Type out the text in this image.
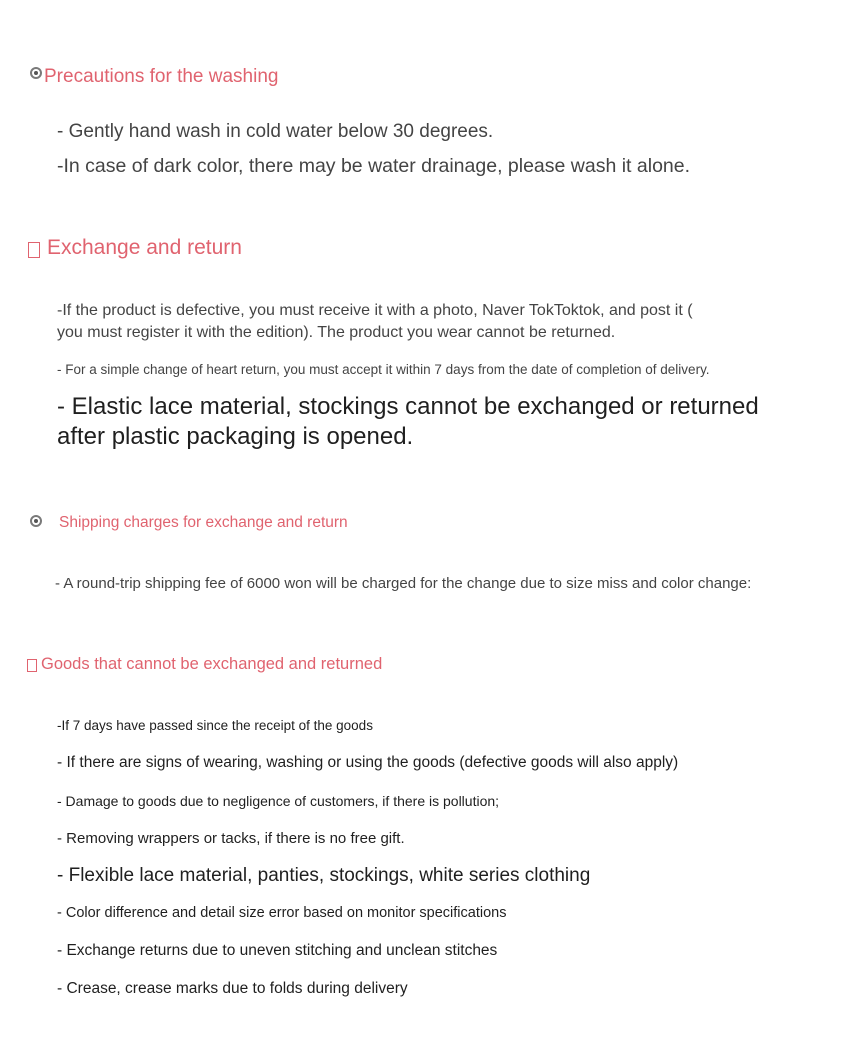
Precautions for the washing
- Gently hand wash in cold water below 30 degrees.
-In case of dark color, there may be water drainage, please wash it alone.
Exchange and return
-If the product is defective, you must receive it with a photo, Naver TokToktok, and post it (
you must register it with the edition). The product you wear cannot be returned.
- For a simple change of heart return, you must accept it within 7 days from the date of completion of delivery.
- Elastic lace material, stockings cannot be exchanged or returned
after plastic packaging is opened.
Shipping charges for exchange and return
- A round-trip shipping fee of 6000 won will be charged for the change due to size miss and color change:
Goods that cannot be exchanged and returned
-If 7 days have passed since the receipt of the goods
- If there are signs of wearing, washing or using the goods (defective goods will also apply)
- Damage to goods due to negligence of customers, if there is pollution;
- Removing wrappers or tacks, if there is no free gift.
- Flexible lace material, panties, stockings, white series clothing
- Color difference and detail size error based on monitor specifications
- Exchange returns due to uneven stitching and unclean stitches
- Crease, crease marks due to folds during delivery
